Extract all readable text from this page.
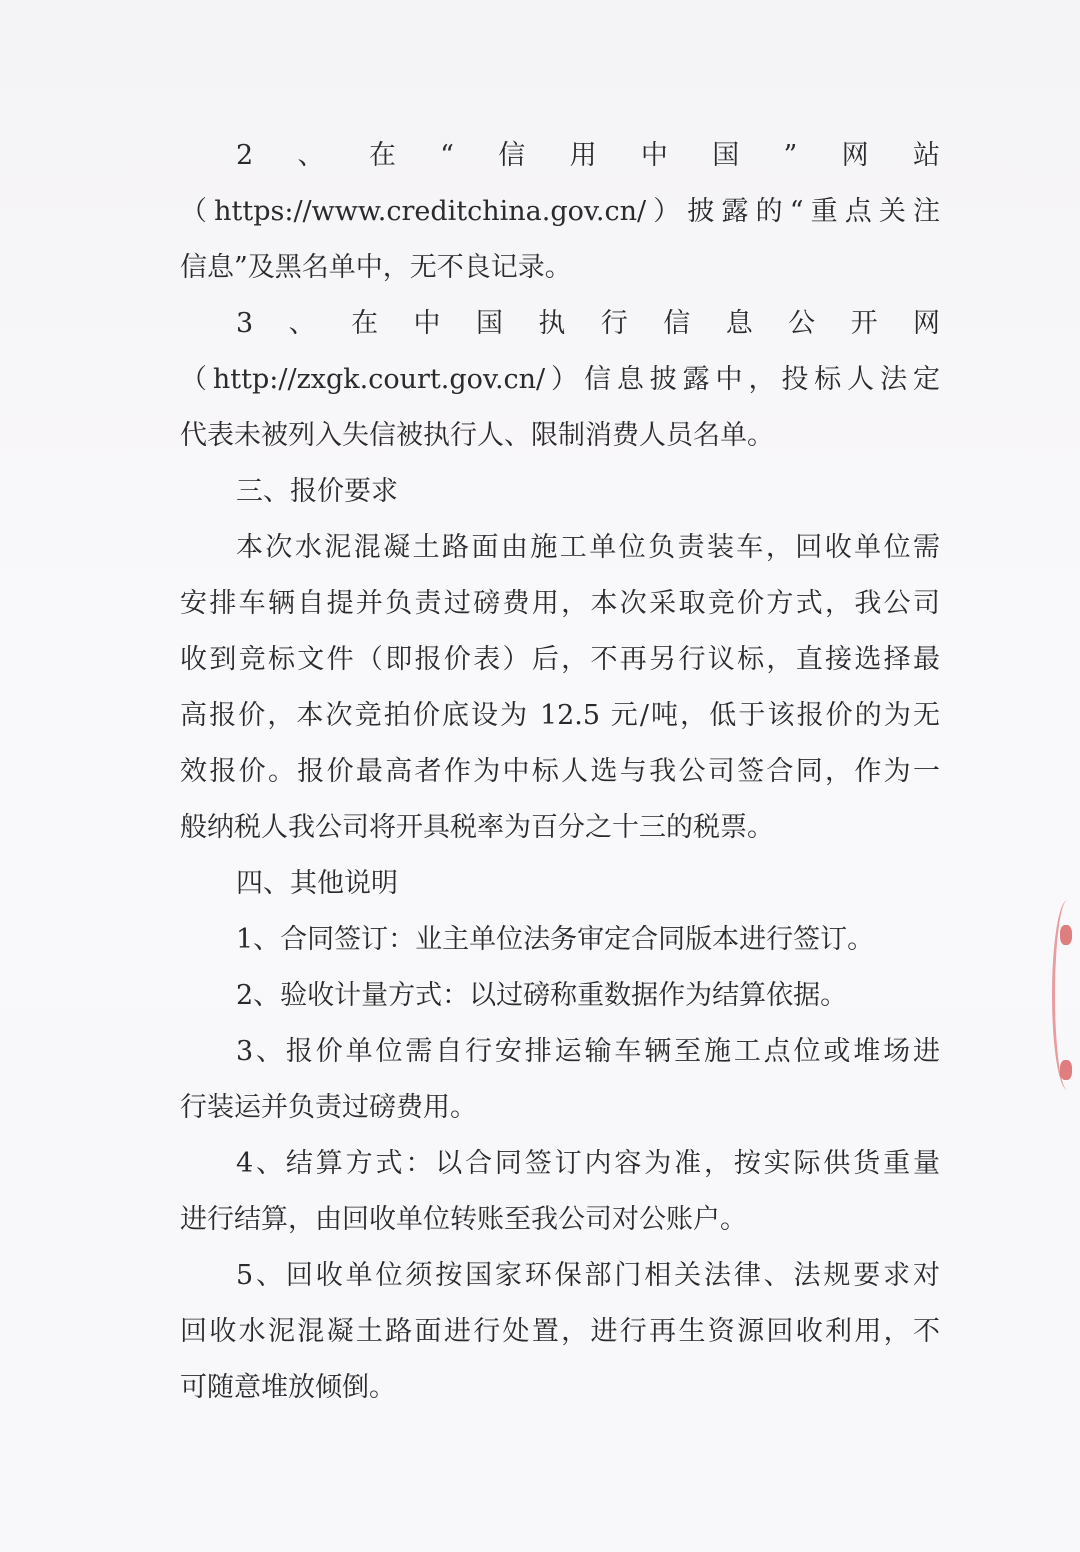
2 、 在 “ 信 用 中 国 ” 网 站
（https://www.creditchina.gov.cn/）披露的“重点关注
信息”及黑名单中，无不良记录。
3 、 在 中 国 执 行 信 息 公 开 网
（http://zxgk.court.gov.cn/）信息披露中，投标人法定
代表未被列入失信被执行人、限制消费人员名单。
三、报价要求
本次水泥混凝土路面由施工单位负责装车，回收单位需
安排车辆自提并负责过磅费用，本次采取竞价方式，我公司
收到竞标文件（即报价表）后，不再另行议标，直接选择最
高报价，本次竞拍价底设为 12.5 元/吨，低于该报价的为无
效报价。报价最高者作为中标人选与我公司签合同，作为一
般纳税人我公司将开具税率为百分之十三的税票。
四、其他说明
1、合同签订：业主单位法务审定合同版本进行签订。
2、验收计量方式：以过磅称重数据作为结算依据。
3、报价单位需自行安排运输车辆至施工点位或堆场进
行装运并负责过磅费用。
4、结算方式：以合同签订内容为准，按实际供货重量
进行结算，由回收单位转账至我公司对公账户。
5、回收单位须按国家环保部门相关法律、法规要求对
回收水泥混凝土路面进行处置，进行再生资源回收利用，不
可随意堆放倾倒。
